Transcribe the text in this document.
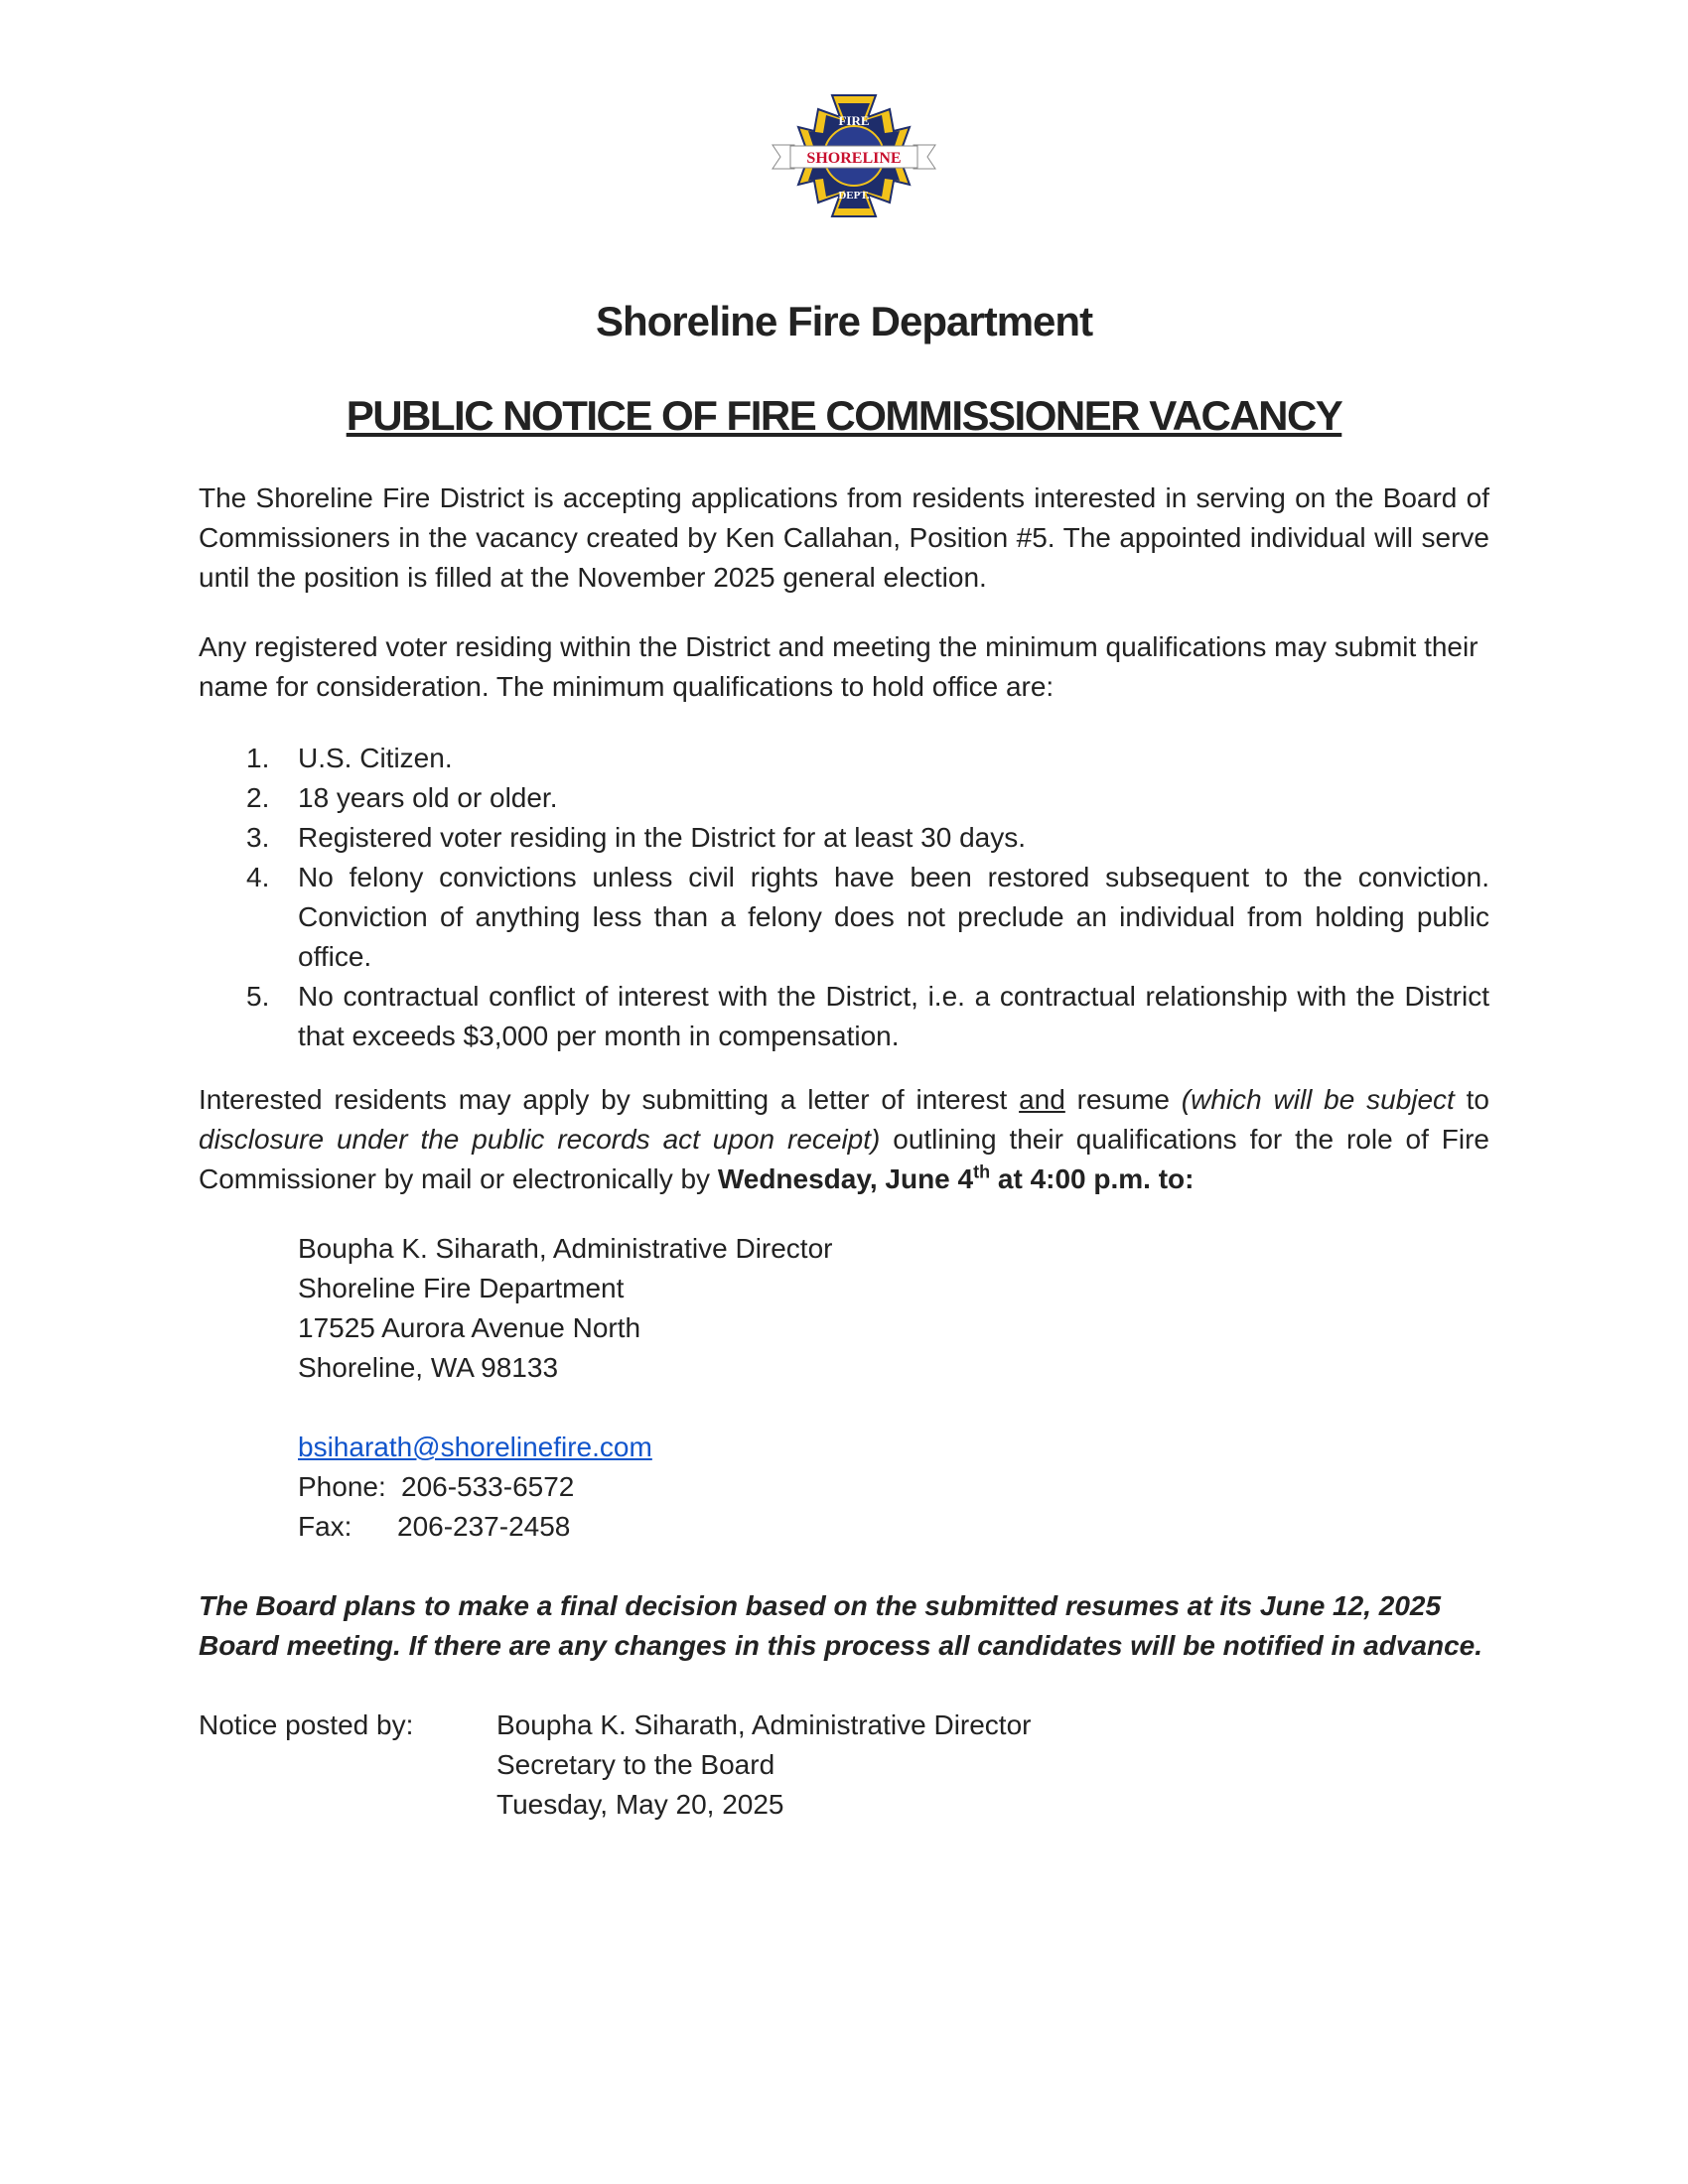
FIRE
SHORELINE
DEPT.
Shoreline Fire Department
PUBLIC NOTICE OF FIRE COMMISSIONER VACANCY
The Shoreline Fire District is accepting applications from residents interested in serving on the Board of Commissioners in the vacancy created by Ken Callahan, Position #5. The appointed individual will serve until the position is filled at the November 2025 general election.
Any registered voter residing within the District and meeting the minimum qualifications may submit their name for consideration. The minimum qualifications to hold office are:
1. U.S. Citizen.
2. 18 years old or older.
3. Registered voter residing in the District for at least 30 days.
4. No felony convictions unless civil rights have been restored subsequent to the conviction. Conviction of anything less than a felony does not preclude an individual from holding public office.
5. No contractual conflict of interest with the District, i.e. a contractual relationship with the District that exceeds $3,000 per month in compensation.
Interested residents may apply by submitting a letter of interest and resume (which will be subject to disclosure under the public records act upon receipt) outlining their qualifications for the role of Fire Commissioner by mail or electronically by Wednesday, June 4th at 4:00 p.m. to:
Boupha K. Siharath, Administrative Director
Shoreline Fire Department
17525 Aurora Avenue North
Shoreline, WA 98133
bsiharath@shorelinefire.com
Phone: 206-533-6572
Fax: 206-237-2458
The Board plans to make a final decision based on the submitted resumes at its June 12, 2025 Board meeting. If there are any changes in this process all candidates will be notified in advance.
Notice posted by:	Boupha K. Siharath, Administrative Director
Secretary to the Board
Tuesday, May 20, 2025
